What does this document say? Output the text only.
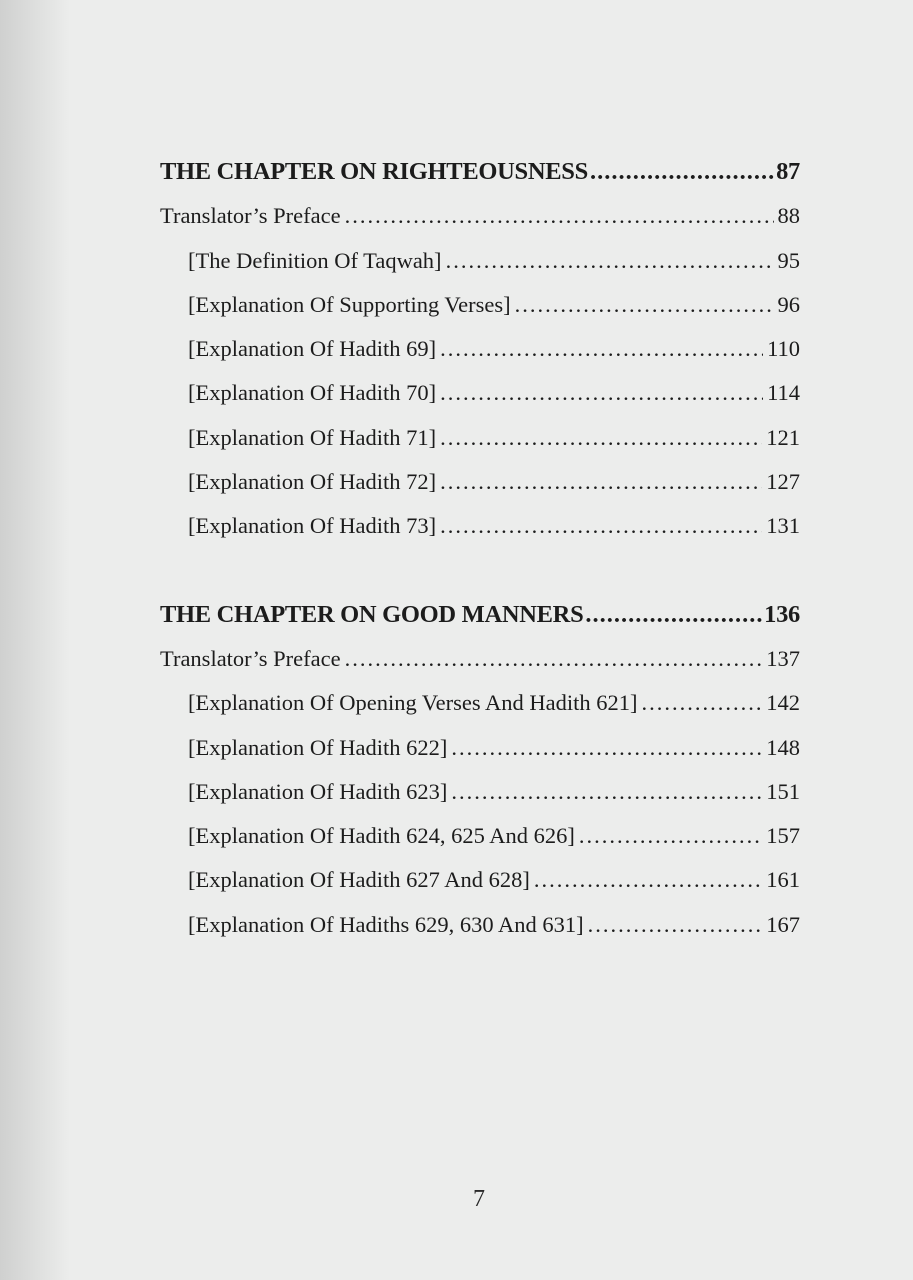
THE CHAPTER ON RIGHTEOUSNESS .....	87
Translator’s Preface .....	88
[The Definition Of Taqwah] .....	95
[Explanation Of Supporting Verses] .....	96
[Explanation Of Hadith 69] .....	110
[Explanation Of Hadith 70] .....	114
[Explanation Of Hadith 71] .....	121
[Explanation Of Hadith 72] .....	127
[Explanation Of Hadith 73] .....	131
THE CHAPTER ON GOOD MANNERS .....	136
Translator’s Preface .....	137
[Explanation Of Opening Verses And Hadith 621] .....	142
[Explanation Of Hadith 622] .....	148
[Explanation Of Hadith 623] .....	151
[Explanation Of Hadith 624, 625 And 626] .....	157
[Explanation Of Hadith 627 And 628] .....	161
[Explanation Of Hadiths 629, 630 And 631] .....	167
7
